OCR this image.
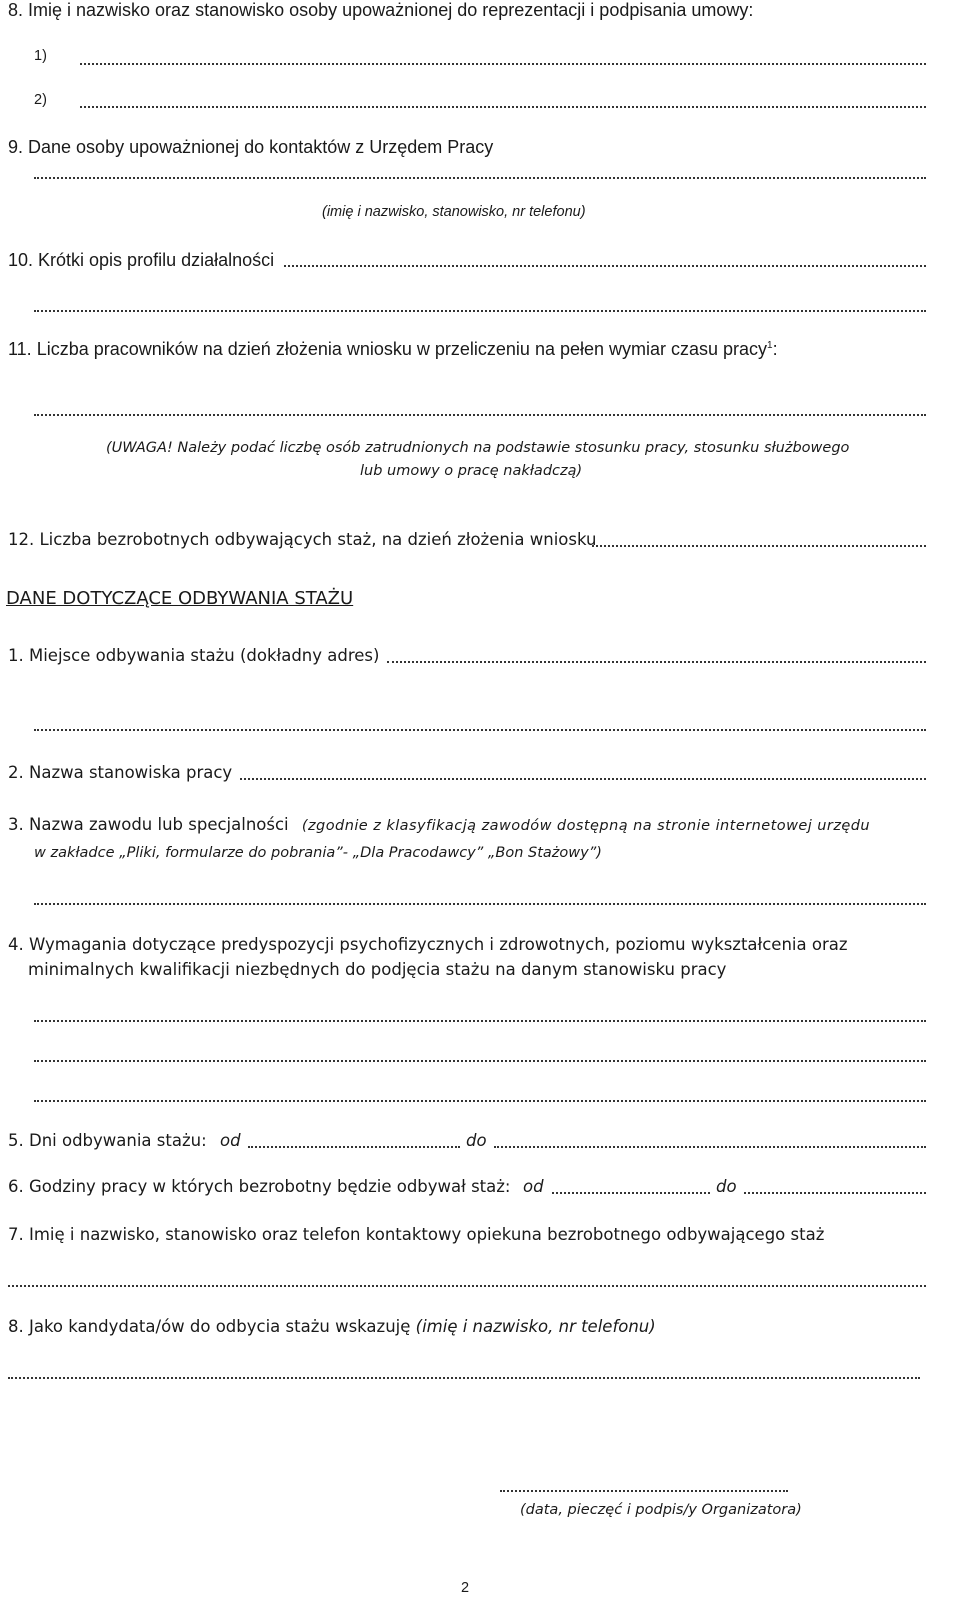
8. Imię i nazwisko oraz stanowisko osoby upoważnionej do reprezentacji i podpisania umowy:
1)
2)
9. Dane osoby upoważnionej do kontaktów z Urzędem Pracy
(imię i nazwisko, stanowisko, nr telefonu)
10. Krótki opis profilu działalności
11. Liczba pracowników na dzień złożenia wniosku w przeliczeniu na pełen wymiar czasu pracy$^1$:
(UWAGA! Należy podać liczbę osób zatrudnionych na podstawie stosunku pracy, stosunku służbowego
lub umowy o pracę nakładczą)
12. Liczba bezrobotnych odbywających staż, na dzień złożenia wniosku
DANE DOTYCZĄCE ODBYWANIA STAŻU
1. Miejsce odbywania stażu (dokładny adres)
2. Nazwa stanowiska pracy
3. Nazwa zawodu lub specjalności (zgodnie z klasyfikacją zawodów dostępną na stronie internetowej urzędu
w zakładce „Pliki, formularze do pobrania”- „Dla Pracodawcy” „Bon Stażowy”)
4. Wymagania dotyczące predyspozycji psychofizycznych i zdrowotnych, poziomu wykształcenia oraz
minimalnych kwalifikacji niezbędnych do podjęcia stażu na danym stanowisku pracy
5. Dni odbywania stażu: od	do
6. Godziny pracy w których bezrobotny będzie odbywał staż: od	do
7. Imię i nazwisko, stanowisko oraz telefon kontaktowy opiekuna bezrobotnego odbywającego staż
8. Jako kandydata/ów do odbycia stażu wskazuję (imię i nazwisko, nr telefonu)
(data, pieczęć i podpis/y Organizatora)
2
